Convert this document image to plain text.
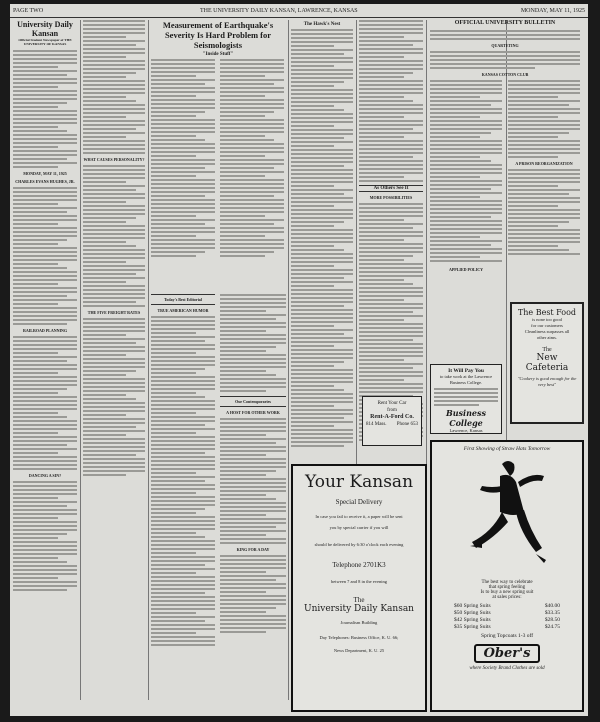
PAGE TWO	THE UNIVERSITY DAILY KANSAN, LAWRENCE, KANSAS	MONDAY, MAY 11, 1925
University Daily Kansan
Official Student Newspaper of THE UNIVERSITY OF KANSAS
MONDAY, MAY 11, 1925
CHARLES EVANS HUGHES, JR.
RAILROAD PLANNING
DANCING A SIN?
WHAT CAUSES PERSONALITY?
THE FIVE FREIGHT RATES
Measurement of Earthquake's Severity Is Hard Problem for Seismologists
"Inside Stuff"
Today's Best Editorial
TRUE AMERICAN HUMOR
Our Contemporaries
A HOST FOR OTHER WORK
KING FOR A DAY
The Hawk's Nest
As Others See It
MORE POSSIBILITIES
Rent Your Car
from
Rent-A-Ford Co.
814 Mass. Phone 653
OFFICIAL UNIVERSITY BULLETIN
QUARTETING
KANSAS COTTON CLUB
A PRISON REORGANIZATION
APPLIED POLICY
It Will Pay You
to take work at the Lawrence Business College.
Business College
Lawrence, Kansas
The Best Food
is none too good
for our customers
Cleanliness surpasses all
other aims.
The
New Cafeteria
"Cookery is good enough for the very best"
Your Kansan
Special Delivery
In case you fail to receive it, a paper will be sent
you by special carrier if you will
should be delivered by 6:30 o'clock each evening
Telephone 2701K3
between 7 and 8 in the evening
The
University Daily Kansan
Journalism Building
Day Telephones: Business Office, K. U. 66;
News Department, K. U. 25
First Showing of Straw Hats Tomorrow
The best way to celebrate
that spring feeling
Is to buy a new spring suit
at sales prices:
$60 Spring Suits	$40.00
$50 Spring Suits	$33.35
$42 Spring Suits	$28.50
$35 Spring Suits	$24.75
Spring Topcoats 1-3 off
Ober's
where Society Brand Clothes are sold
